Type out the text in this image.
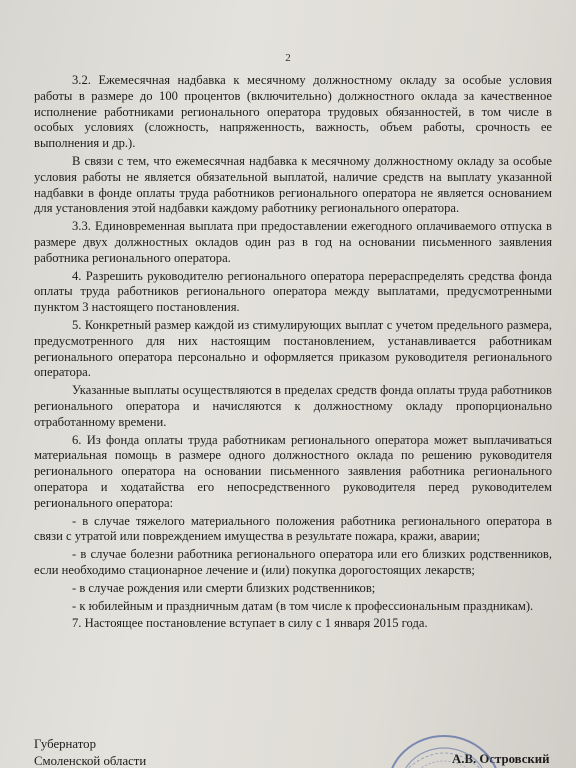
2

3.2. Ежемесячная надбавка к месячному должностному окладу за особые условия работы в размере до 100 процентов (включительно) должностного оклада за качественное исполнение работниками регионального оператора трудовых обязанностей, в том числе в особых условиях (сложность, напряженность, важность, объем работы, срочность ее выполнения и др.).

В связи с тем, что ежемесячная надбавка к месячному должностному окладу за особые условия работы не является обязательной выплатой, наличие средств на выплату указанной надбавки в фонде оплаты труда работников регионального оператора не является основанием для установления этой надбавки каждому работнику регионального оператора.

3.3. Единовременная выплата при предоставлении ежегодного оплачиваемого отпуска в размере двух должностных окладов один раз в год на основании письменного заявления работника регионального оператора.

4. Разрешить руководителю регионального оператора перераспределять средства фонда оплаты труда работников регионального оператора между выплатами, предусмотренными пунктом 3 настоящего постановления.

5. Конкретный размер каждой из стимулирующих выплат с учетом предельного размера, предусмотренного для них настоящим постановлением, устанавливается работникам регионального оператора персонально и оформляется приказом руководителя регионального оператора.

Указанные выплаты осуществляются в пределах средств фонда оплаты труда работников регионального оператора и начисляются к должностному окладу пропорционально отработанному времени.

6. Из фонда оплаты труда работникам регионального оператора может выплачиваться материальная помощь в размере одного должностного оклада по решению руководителя регионального оператора на основании письменного заявления работника регионального оператора и ходатайства его непосредственного руководителя перед руководителем регионального оператора:

- в случае тяжелого материального положения работника регионального оператора в связи с утратой или повреждением имущества в результате пожара, кражи, аварии;

- в случае болезни работника регионального оператора или его близких родственников, если необходимо стационарное лечение и (или) покупка дорогостоящих лекарств;

- в случае рождения или смерти близких родственников;

- к юбилейным и праздничным датам (в том числе к профессиональным праздникам).

7. Настоящее постановление вступает в силу с 1 января 2015 года.

Губернатор
Смоленской области	А.В. Островский
